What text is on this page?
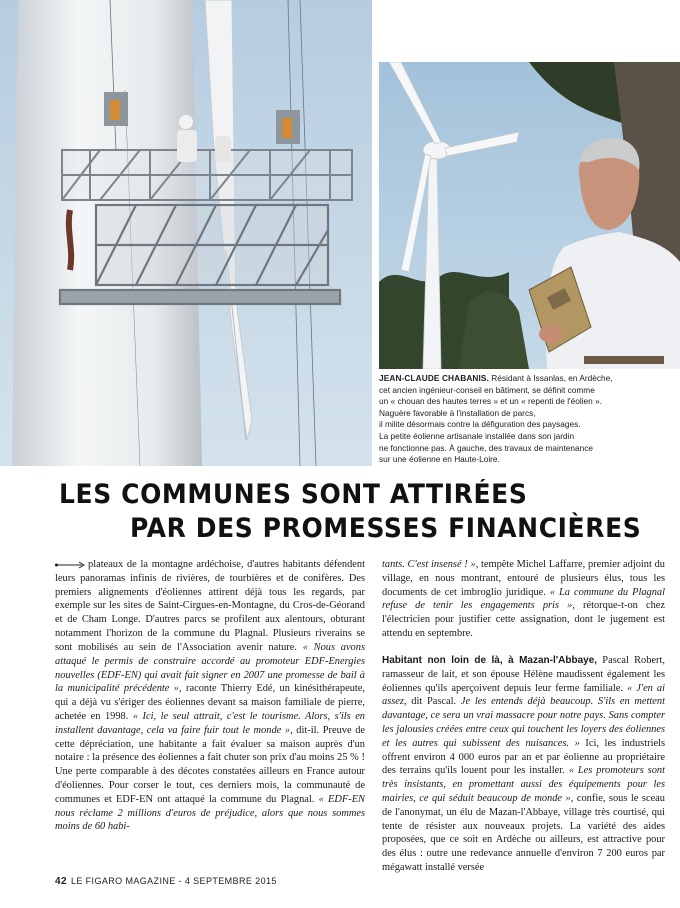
JEAN-CLAUDE CHABANIS. Résidant à Issanlas, en Ardèche,
cet ancien ingénieur-conseil en bâtiment, se définit comme
un « chouan des hautes terres » et un « repenti de l'éolien ».
Naguère favorable à l'installation de parcs,
il milite désormais contre la défiguration des paysages.
La petite éolienne artisanale installée dans son jardin
ne fonctionne pas. À gauche, des travaux de maintenance
sur une éolienne en Haute-Loire.
LES COMMUNES SONT ATTIRÉES
PAR DES PROMESSES FINANCIÈRES

plateaux de la montagne ardéchoise, d'autres habitants défendent leurs panoramas infinis de rivières, de tourbières et de conifères. Des premiers alignements d'éoliennes attirent déjà tous les regards, par exemple sur les sites de Saint-Cirgues-en-Montagne, du Cros-de-Géorand et de Cham Longe. D'autres parcs se profilent aux alentours, obturant notamment l'horizon de la commune du Plagnal. Plusieurs riverains se sont mobilisés au sein de l'Association avenir nature. « Nous avons attaqué le permis de construire accordé au promoteur EDF-Energies nouvelles (EDF-EN) qui avait fait signer en 2007 une promesse de bail à la municipalité précédente », raconte Thierry Edé, un kinésithérapeute, qui a déjà vu s'ériger des éoliennes devant sa maison familiale de pierre, achetée en 1998. « Ici, le seul attrait, c'est le tourisme. Alors, s'ils en installent davantage, cela va faire fuir tout le monde », dit-il. Preuve de cette dépréciation, une habitante a fait évaluer sa maison auprès d'un notaire : la présence des éoliennes a fait chuter son prix d'au moins 25 % ! Une perte comparable à des décotes constatées ailleurs en France autour d'éoliennes. Pour corser le tout, ces derniers mois, la communauté de communes et EDF-EN ont attaqué la commune du Plagnal. « EDF-EN nous réclame 2 millions d'euros de préjudice, alors que nous sommes moins de 60 habi-

tants. C'est insensé ! », tempête Michel Laffarre, premier adjoint du village, en nous montrant, entouré de plusieurs élus, tous les documents de cet imbroglio juridique. « La commune du Plagnal refuse de tenir les engagements pris », rétorque-t-on chez l'électricien pour justifier cette assignation, dont le jugement est attendu en septembre.

Habitant non loin de là, à Mazan-l'Abbaye, Pascal Robert, ramasseur de lait, et son épouse Hélène maudissent également les éoliennes qu'ils aperçoivent depuis leur ferme familiale. « J'en ai assez, dit Pascal. Je les entends déjà beaucoup. S'ils en mettent davantage, ce sera un vrai massacre pour notre pays. Sans compter les jalousies créées entre ceux qui touchent les loyers des éoliennes et les autres qui subissent des nuisances. » Ici, les industriels offrent environ 4 000 euros par an et par éolienne au propriétaire des terrains qu'ils louent pour les installer. « Les promoteurs sont très insistants, en promettant aussi des équipements pour les mairies, ce qui séduit beaucoup de monde », confie, sous le sceau de l'anonymat, un élu de Mazan-l'Abbaye, village très courtisé, qui tente de résister aux nouveaux projets. La variété des aides proposées, que ce soit en Ardèche ou ailleurs, est attractive pour des élus : outre une redevance annuelle d'environ 7 200 euros par mégawatt installé versée

42 LE FIGARO MAGAZINE - 4 SEPTEMBRE 2015
